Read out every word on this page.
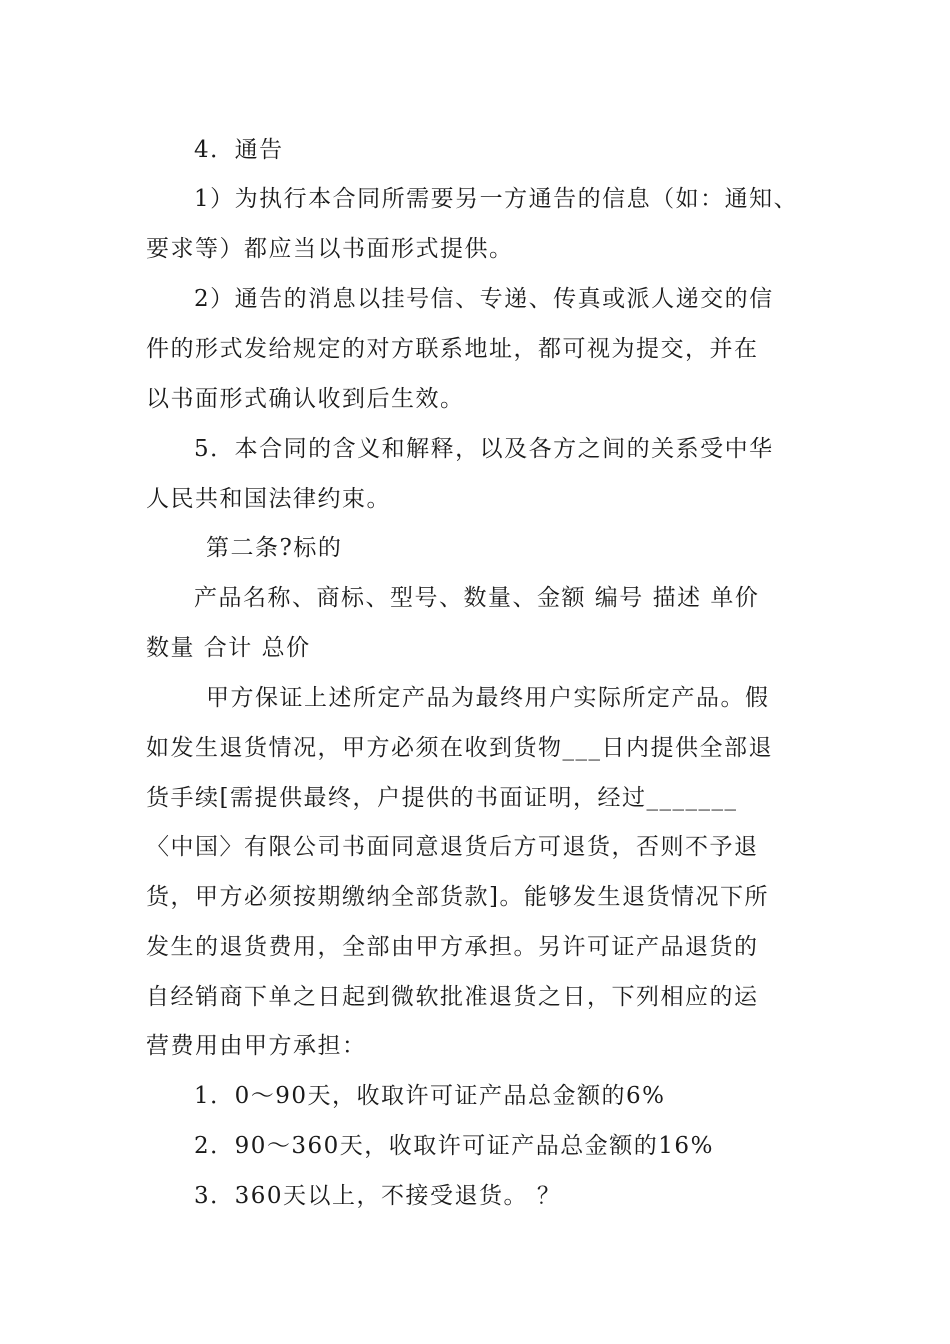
4．通告
1）为执行本合同所需要另一方通告的信息（如：通知、
要求等）都应当以书面形式提供。
2）通告的消息以挂号信、专递、传真或派人递交的信
件的形式发给规定的对方联系地址，都可视为提交，并在
以书面形式确认收到后生效。
5．本合同的含义和解释，以及各方之间的关系受中华
人民共和国法律约束。
第二条?标的
产品名称、商标、型号、数量、金额 编号 描述 单价
数量 合计 总价
甲方保证上述所定产品为最终用户实际所定产品。假
如发生退货情况，甲方必须在收到货物___日内提供全部退
货手续[需提供最终，户提供的书面证明，经过_______
〈中国〉有限公司书面同意退货后方可退货，否则不予退
货，甲方必须按期缴纳全部货款]。能够发生退货情况下所
发生的退货费用，全部由甲方承担。另许可证产品退货的
自经销商下单之日起到微软批准退货之日，下列相应的运
营费用由甲方承担：
1．0～90天，收取许可证产品总金额的6%
2．90～360天，收取许可证产品总金额的16%
3．360天以上，不接受退货。 ？
